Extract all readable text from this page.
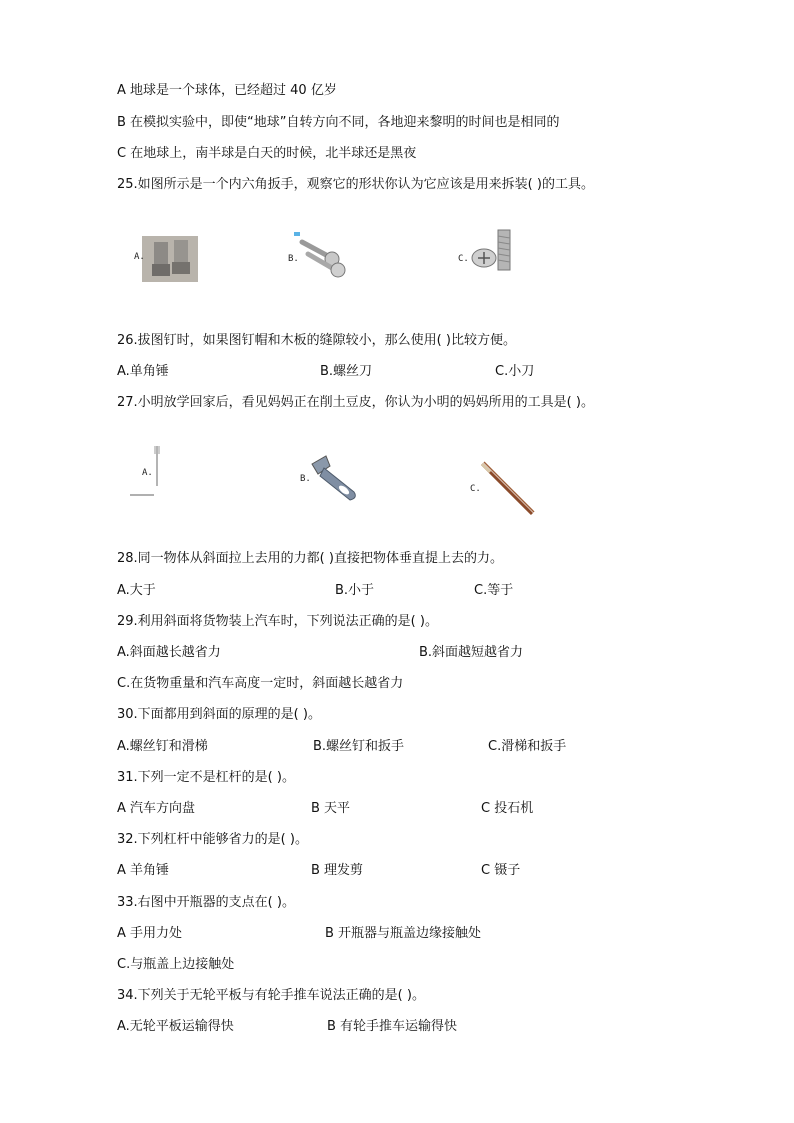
A 地球是一个球体，已经超过 40 亿岁
B 在模拟实验中，即使“地球”自转方向不同，各地迎来黎明的时间也是相同的
C 在地球上，南半球是白天的时候，北半球还是黑夜
25.如图所示是一个内六角扳手，观察它的形状你认为它应该是用来拆装( )的工具。
A.	B.	C.
26.拔图钉时，如果图钉帽和木板的缝隙较小，那么使用( )比较方便。
A.单角锤	B.螺丝刀	C.小刀
27.小明放学回家后，看见妈妈正在削土豆皮，你认为小明的妈妈所用的工具是( )。
A.
B.
C.
28.同一物体从斜面拉上去用的力都( )直接把物体垂直提上去的力。
A.大于	B.小于	C.等于
29.利用斜面将货物装上汽车时，下列说法正确的是( )。
A.斜面越长越省力	B.斜面越短越省力
C.在货物重量和汽车高度一定时，斜面越长越省力
30.下面都用到斜面的原理的是( )。
A.螺丝钉和滑梯	B.螺丝钉和扳手	C.滑梯和扳手
31.下列一定不是杠杆的是( )。
A 汽车方向盘	B 天平	C 投石机
32.下列杠杆中能够省力的是( )。
A 羊角锤	B 理发剪	C 镊子
33.右图中开瓶器的支点在( )。
A 手用力处	B 开瓶器与瓶盖边缘接触处
C.与瓶盖上边接触处
34.下列关于无轮平板与有轮手推车说法正确的是( )。
A.无轮平板运输得快	B 有轮手推车运输得快
